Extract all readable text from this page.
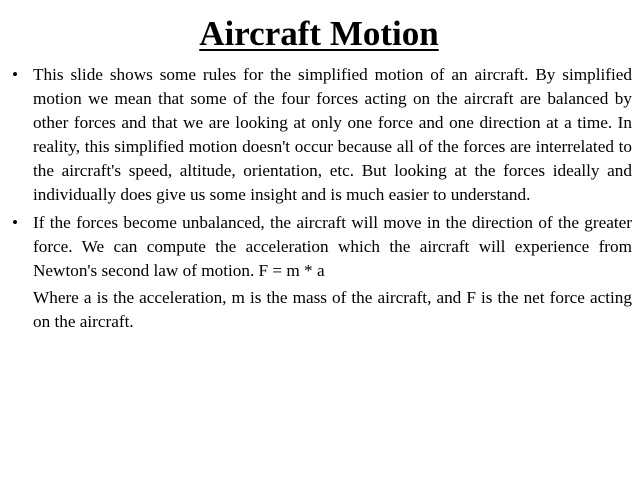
Aircraft Motion
• This slide shows some rules for the simplified motion of an aircraft. By simplified motion we mean that some of the four forces acting on the aircraft are balanced by other forces and that we are looking at only one force and one direction at a time. In reality, this simplified motion doesn't occur because all of the forces are interrelated to the aircraft's speed, altitude, orientation, etc. But looking at the forces ideally and individually does give us some insight and is much easier to understand.
• If the forces become unbalanced, the aircraft will move in the direction of the greater force. We can compute the acceleration which the aircraft will experience from Newton's second law of motion. F = m * a
Where a is the acceleration, m is the mass of the aircraft, and F is the net force acting on the aircraft.
